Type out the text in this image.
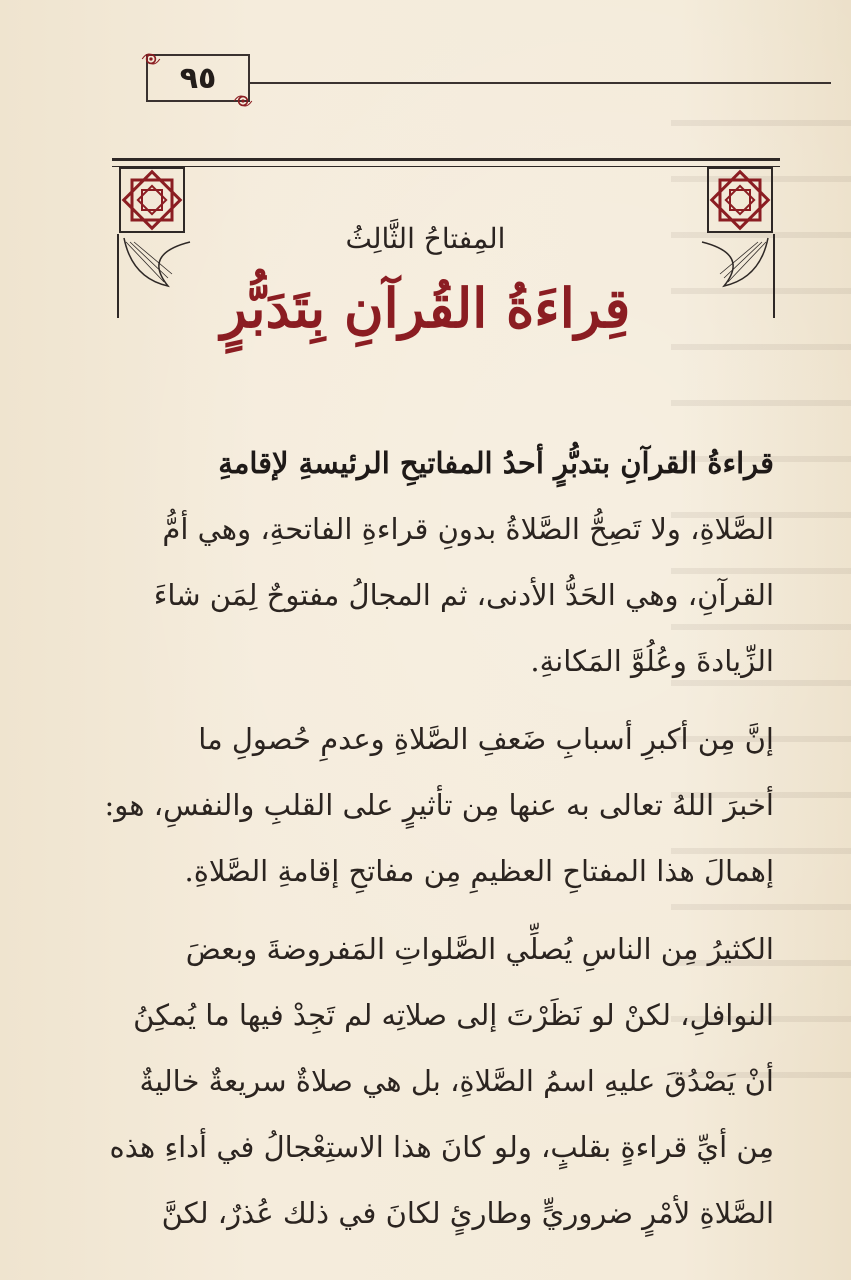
٩٥
المِفتاحُ الثَّالِثُ
قِراءَةُ القُرآنِ بِتَدَبُّرٍ
قراءةُ القرآنِ بتدبُّرٍ أحدُ المفاتيحِ الرئيسةِ لإقامةِ
الصَّلاةِ، ولا تَصِحُّ الصَّلاةُ بدونِ قراءةِ الفاتحةِ، وهي أمُّ
القرآنِ، وهي الحَدُّ الأدنى، ثم المجالُ مفتوحٌ لِمَن شاءَ
الزِّيادةَ وعُلُوَّ المَكانةِ.
إنَّ مِن أكبرِ أسبابِ ضَعفِ الصَّلاةِ وعدمِ حُصولِ ما
أخبرَ اللهُ تعالى به عنها مِن تأثيرٍ على القلبِ والنفسِ، هو:
إهمالَ هذا المفتاحِ العظيمِ مِن مفاتحِ إقامةِ الصَّلاةِ.
الكثيرُ مِن الناسِ يُصلِّي الصَّلواتِ المَفروضةَ وبعضَ
النوافلِ، لكنْ لو نَظَرْتَ إلى صلاتِه لم تَجِدْ فيها ما يُمكِنُ
أنْ يَصْدُقَ عليهِ اسمُ الصَّلاةِ، بل هي صلاةٌ سريعةٌ خاليةٌ
مِن أيِّ قراءةٍ بقلبٍ، ولو كانَ هذا الاستِعْجالُ في أداءِ هذه
الصَّلاةِ لأمْرٍ ضروريٍّ وطارئٍ لكانَ في ذلك عُذرٌ، لكنَّ
